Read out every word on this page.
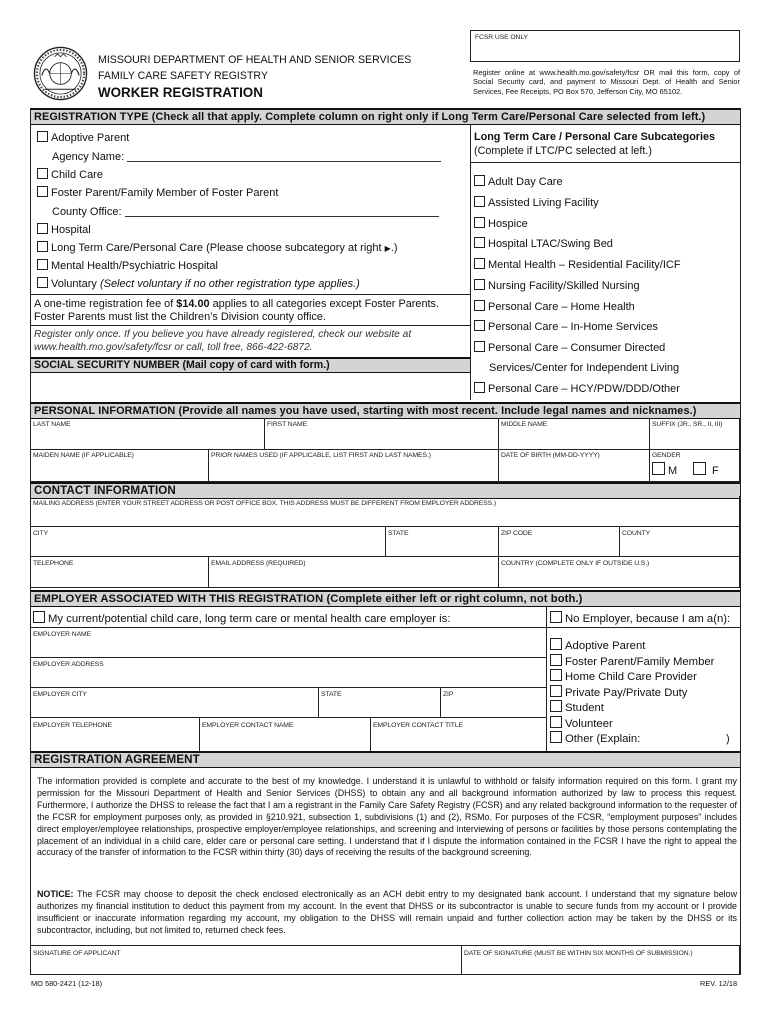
MISSOURI DEPARTMENT OF HEALTH AND SENIOR SERVICES
FAMILY CARE SAFETY REGISTRY
WORKER REGISTRATION
FCSR USE ONLY
Register online at www.health.mo.gov/safety/fcsr OR mail this form, copy of Social Security card, and payment to Missouri Dept. of Health and Senior Services, Fee Receipts, PO Box 570, Jefferson City, MO 65102.
REGISTRATION TYPE (Check all that apply. Complete column on right only if Long Term Care/Personal Care selected from left.)
Adoptive Parent
Agency Name:
Child Care
Foster Parent/Family Member of Foster Parent
County Office:
Hospital
Long Term Care/Personal Care (Please choose subcategory at right ▶.)
Mental Health/Psychiatric Hospital
Voluntary (Select voluntary if no other registration type applies.)
A one-time registration fee of $14.00 applies to all categories except Foster Parents.
Foster Parents must list the Children’s Division county office.
Register only once. If you believe you have already registered, check our website at www.health.mo.gov/safety/fcsr or call, toll free, 866-422-6872.
SOCIAL SECURITY NUMBER (Mail copy of card with form.)
Long Term Care / Personal Care Subcategories
(Complete if LTC/PC selected at left.)
Adult Day Care
Assisted Living Facility
Hospice
Hospital LTAC/Swing Bed
Mental Health – Residential Facility/ICF
Nursing Facility/Skilled Nursing
Personal Care – Home Health
Personal Care – In-Home Services
Personal Care – Consumer Directed
Services/Center for Independent Living
Personal Care – HCY/PDW/DDD/Other
PERSONAL INFORMATION (Provide all names you have used, starting with most recent. Include legal names and nicknames.)
LAST NAME	FIRST NAME	MIDDLE NAME	SUFFIX (JR., SR., II, III)
MAIDEN NAME (IF APPLICABLE)	PRIOR NAMES USED (IF APPLICABLE, LIST FIRST AND LAST NAMES.)	DATE OF BIRTH (MM-DD-YYYY)	GENDER
M	F
CONTACT INFORMATION
MAILING ADDRESS (ENTER YOUR STREET ADDRESS OR POST OFFICE BOX. THIS ADDRESS MUST BE DIFFERENT FROM EMPLOYER ADDRESS.)
CITY	STATE	ZIP CODE	COUNTY
TELEPHONE	EMAIL ADDRESS (REQUIRED)	COUNTRY (COMPLETE ONLY IF OUTSIDE U.S.)
EMPLOYER ASSOCIATED WITH THIS REGISTRATION (Complete either left or right column, not both.)
My current/potential child care, long term care or mental health care employer is:	No Employer, because I am a(n):
EMPLOYER NAME
EMPLOYER ADDRESS
EMPLOYER CITY	STATE	ZIP
EMPLOYER TELEPHONE	EMPLOYER CONTACT NAME	EMPLOYER CONTACT TITLE
Adoptive Parent
Foster Parent/Family Member
Home Child Care Provider
Private Pay/Private Duty
Student
Volunteer
Other (Explain:	)
REGISTRATION AGREEMENT
The information provided is complete and accurate to the best of my knowledge. I understand it is unlawful to withhold or falsify information required on this form. I grant my permission for the Missouri Department of Health and Senior Services (DHSS) to obtain any and all background information authorized by law to process this request. Furthermore, I authorize the DHSS to release the fact that I am a registrant in the Family Care Safety Registry (FCSR) and any related background information to the requester of the FCSR for employment purposes only, as provided in §210.921, subsection 1, subdivisions (1) and (2), RSMo. For purposes of the FCSR, “employment purposes” includes direct employer/employee relationships, prospective employer/employee relationships, and screening and interviewing of persons or facilities by those persons contemplating the placement of an individual in a child care, elder care or personal care setting. I understand that if I dispute the information contained in the FCSR I have the right to appeal the accuracy of the transfer of information to the FCSR within thirty (30) days of receiving the results of the background screening.
NOTICE: The FCSR may choose to deposit the check enclosed electronically as an ACH debit entry to my designated bank account. I understand that my signature below authorizes my financial institution to deduct this payment from my account. In the event that DHSS or its subcontractor is unable to secure funds from my account or I provide insufficient or inaccurate information regarding my account, my obligation to the DHSS will remain unpaid and further collection action may be taken by the DHSS or its subcontractor, including, but not limited to, returned check fees.
SIGNATURE OF APPLICANT	DATE OF SIGNATURE (MUST BE WITHIN SIX MONTHS OF SUBMISSION.)
MO 580-2421 (12-18)	REV. 12/18
